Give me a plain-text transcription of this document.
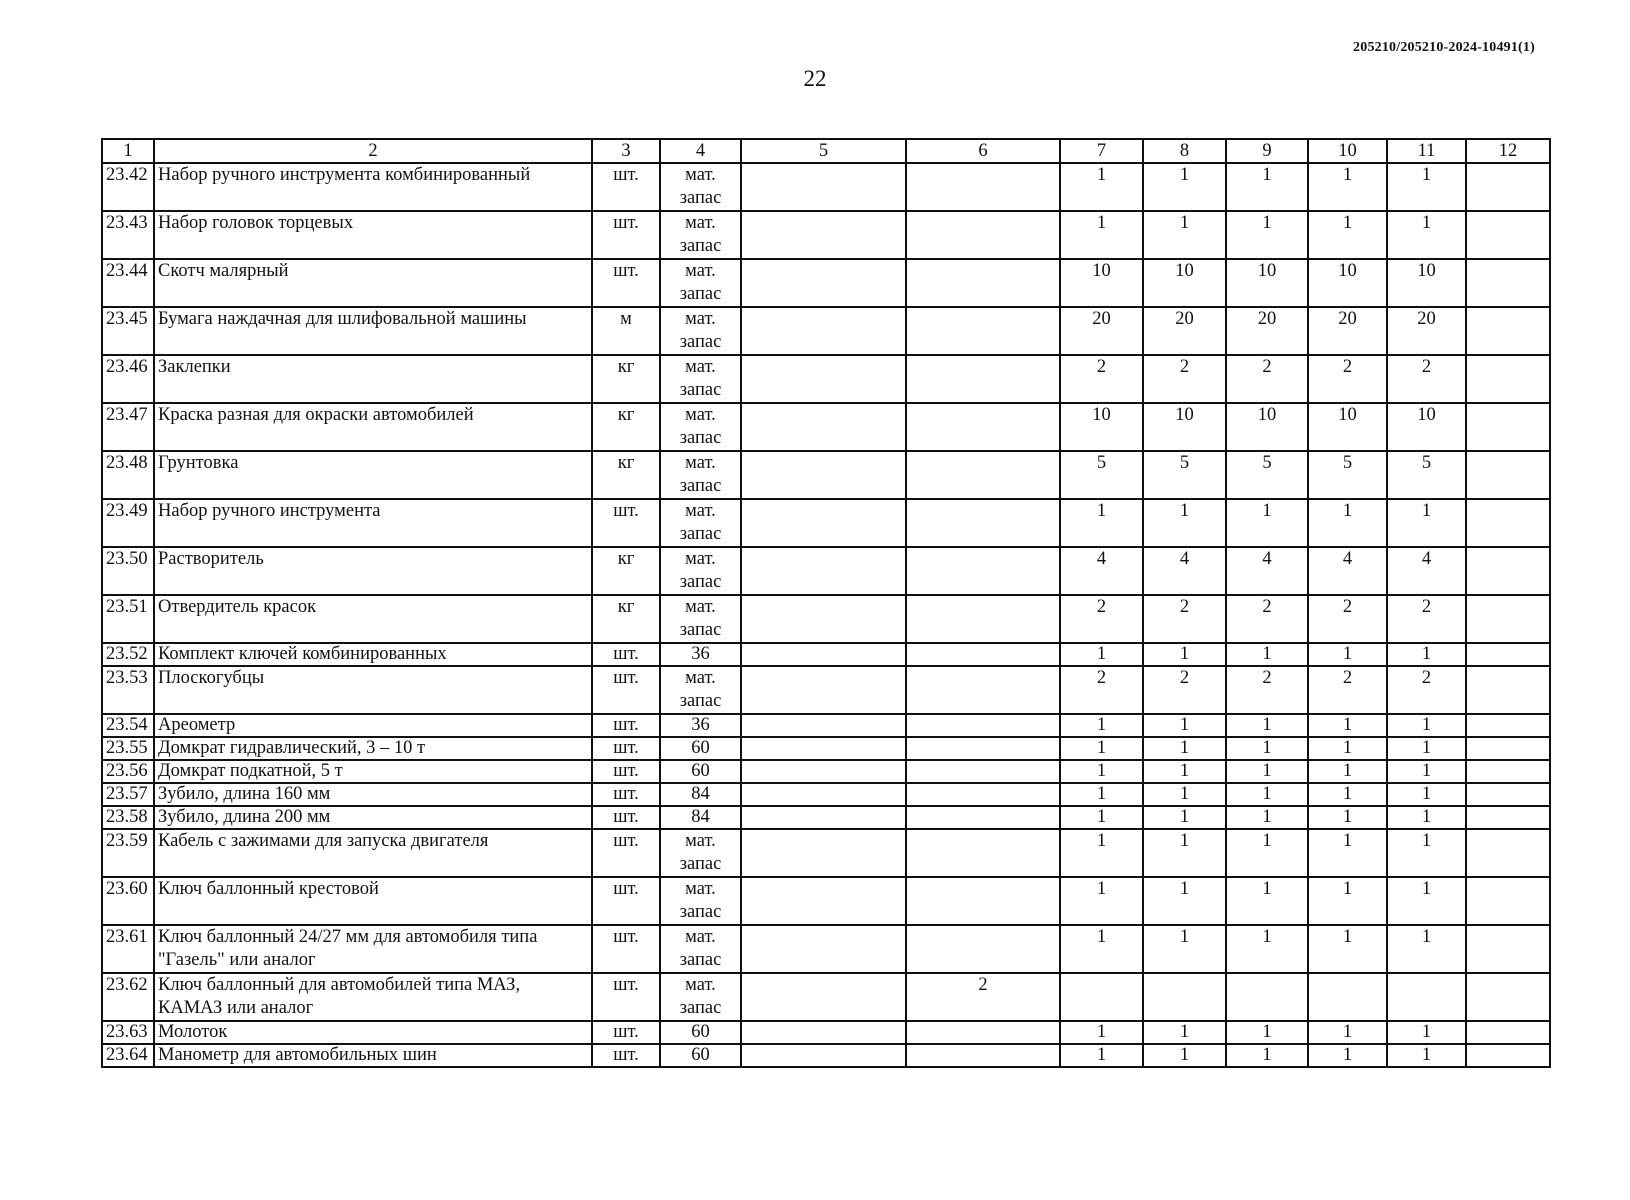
205210/205210-2024-10491(1)
22
1	2	3	4	5	6	7	8	9	10	11	12
23.42	Набор ручного инструмента комбинированный	шт.	мат. запас			1	1	1	1	1	
23.43	Набор головок торцевых	шт.	мат. запас			1	1	1	1	1	
23.44	Скотч малярный	шт.	мат. запас			10	10	10	10	10	
23.45	Бумага наждачная для шлифовальной машины	м	мат. запас			20	20	20	20	20	
23.46	Заклепки	кг	мат. запас			2	2	2	2	2	
23.47	Краска разная для окраски автомобилей	кг	мат. запас			10	10	10	10	10	
23.48	Грунтовка	кг	мат. запас			5	5	5	5	5	
23.49	Набор ручного инструмента	шт.	мат. запас			1	1	1	1	1	
23.50	Растворитель	кг	мат. запас			4	4	4	4	4	
23.51	Отвердитель красок	кг	мат. запас			2	2	2	2	2	
23.52	Комплект ключей комбинированных	шт.	36			1	1	1	1	1	
23.53	Плоскогубцы	шт.	мат. запас			2	2	2	2	2	
23.54	Ареометр	шт.	36			1	1	1	1	1	
23.55	Домкрат гидравлический, 3 – 10 т	шт.	60			1	1	1	1	1	
23.56	Домкрат подкатной, 5 т	шт.	60			1	1	1	1	1	
23.57	Зубило, длина 160 мм	шт.	84			1	1	1	1	1	
23.58	Зубило, длина 200 мм	шт.	84			1	1	1	1	1	
23.59	Кабель с зажимами для запуска двигателя	шт.	мат. запас			1	1	1	1	1	
23.60	Ключ баллонный крестовой	шт.	мат. запас			1	1	1	1	1	
23.61	Ключ баллонный 24/27 мм для автомобиля типа "Газель" или аналог	шт.	мат. запас			1	1	1	1	1	
23.62	Ключ баллонный для автомобилей типа МАЗ, КАМАЗ или аналог	шт.	мат. запас		2						
23.63	Молоток	шт.	60			1	1	1	1	1	
23.64	Манометр для автомобильных шин	шт.	60			1	1	1	1	1	
